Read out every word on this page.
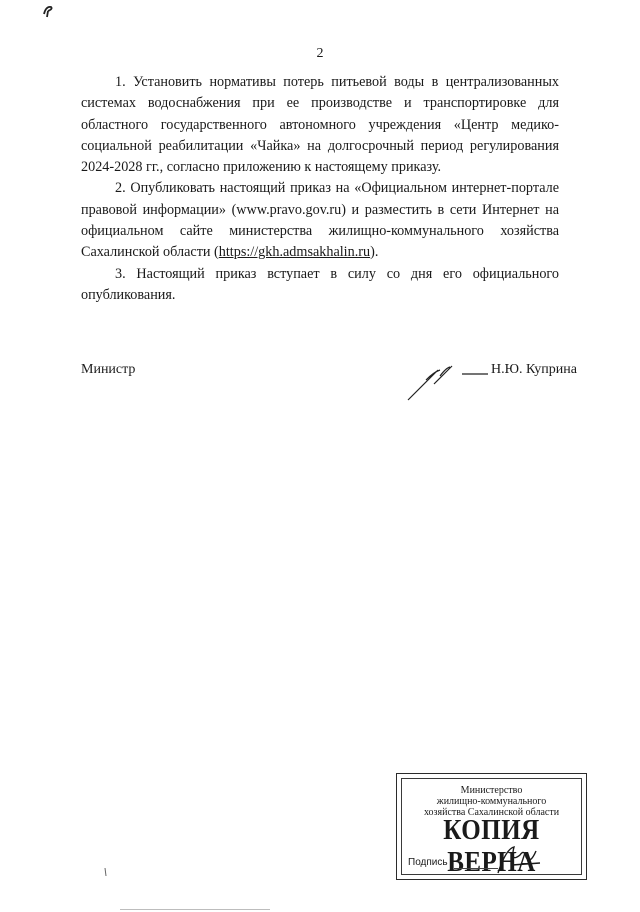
2

1. Установить нормативы потерь питьевой воды в централизованных системах водоснабжения при ее производстве и транспортировке для областного государственного автономного учреждения «Центр медико-социальной реабилитации «Чайка» на долгосрочный период регулирования 2024-2028 гг., согласно приложению к настоящему приказу.

2. Опубликовать настоящий приказ на «Официальном интернет-портале правовой информации» (www.pravo.gov.ru) и разместить в сети Интернет на официальном сайте министерства жилищно-коммунального хозяйства Сахалинской области (https://gkh.admsakhalin.ru).

3. Настоящий приказ вступает в силу со дня его официального опубликования.

Министр	Н.Ю. Куприна
Министерство
жилищно-коммунального
хозяйства Сахалинской области
КОПИЯ ВЕРНА
Подпись
